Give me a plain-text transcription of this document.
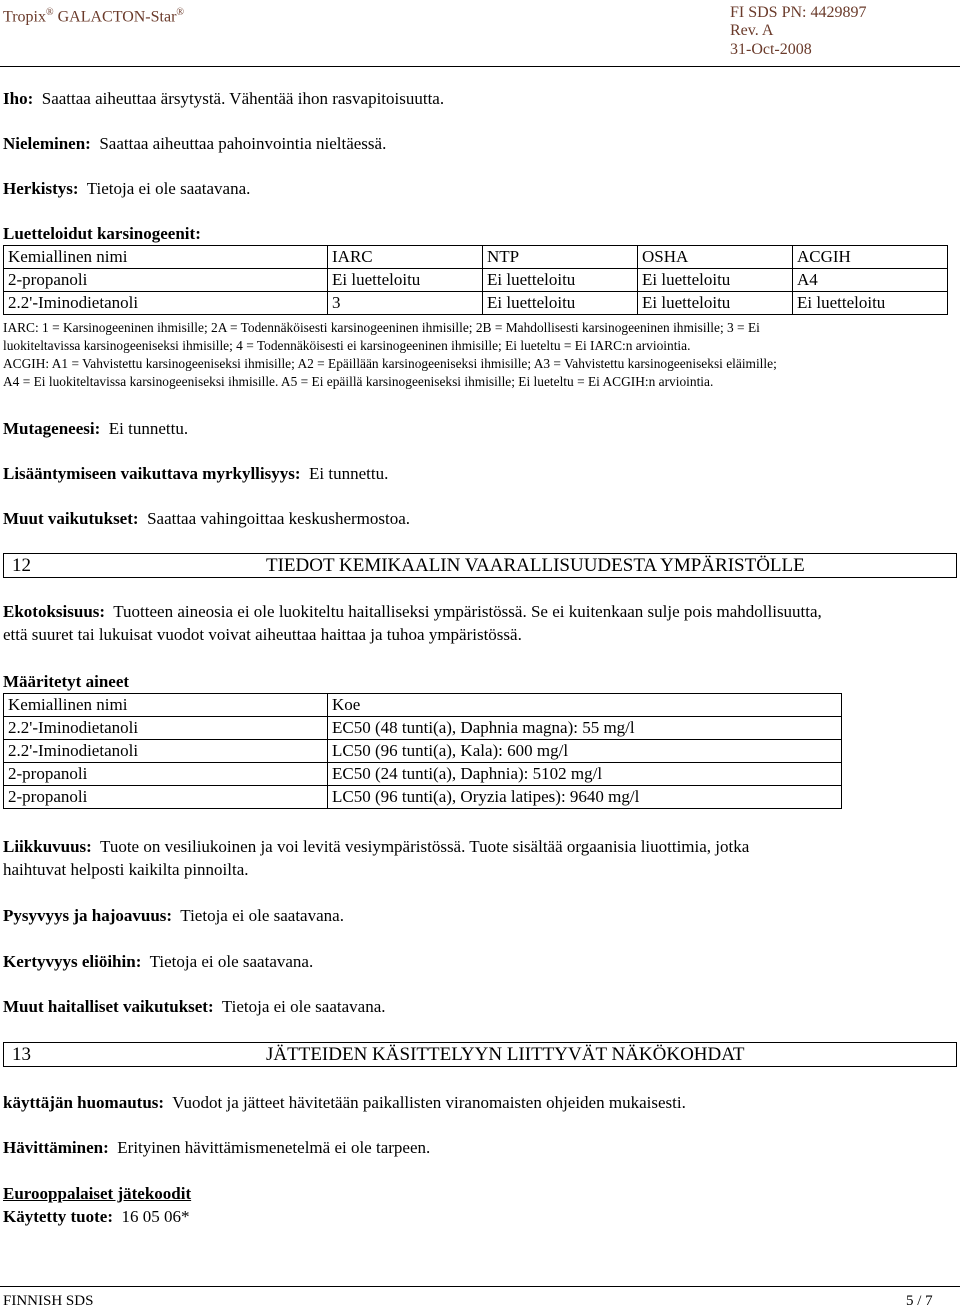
Tropix® GALACTON-Star®	FI SDS PN: 4429897
Rev. A
31-Oct-2008
Iho: Saattaa aiheuttaa ärsytystä. Vähentää ihon rasvapitoisuutta.
Nieleminen: Saattaa aiheuttaa pahoinvointia nieltäessä.
Herkistys: Tietoja ei ole saatavana.
Luetteloidut karsinogeenit:
Kemiallinen nimi	IARC	NTP	OSHA	ACGIH
2-propanoli	Ei luetteloitu	Ei luetteloitu	Ei luetteloitu	A4
2.2'-Iminodietanoli	3	Ei luetteloitu	Ei luetteloitu	Ei luetteloitu
IARC: 1 = Karsinogeeninen ihmisille; 2A = Todennäköisesti karsinogeeninen ihmisille; 2B = Mahdollisesti karsinogeeninen ihmisille; 3 = Ei
luokiteltavissa karsinogeeniseksi ihmisille; 4 = Todennäköisesti ei karsinogeeninen ihmisille; Ei lueteltu = Ei IARC:n arviointia.
ACGIH: A1 = Vahvistettu karsinogeeniseksi ihmisille; A2 = Epäillään karsinogeeniseksi ihmisille; A3 = Vahvistettu karsinogeeniseksi eläimille;
A4 = Ei luokiteltavissa karsinogeeniseksi ihmisille. A5 = Ei epäillä karsinogeeniseksi ihmisille; Ei lueteltu = Ei ACGIH:n arviointia.
Mutageneesi: Ei tunnettu.
Lisääntymiseen vaikuttava myrkyllisyys: Ei tunnettu.
Muut vaikutukset: Saattaa vahingoittaa keskushermostoa.
12	TIEDOT KEMIKAALIN VAARALLISUUDESTA YMPÄRISTÖLLE
Ekotoksisuus: Tuotteen aineosia ei ole luokiteltu haitalliseksi ympäristössä. Se ei kuitenkaan sulje pois mahdollisuutta,
että suuret tai lukuisat vuodot voivat aiheuttaa haittaa ja tuhoa ympäristössä.
Määritetyt aineet
Kemiallinen nimi	Koe
2.2'-Iminodietanoli	EC50 (48 tunti(a), Daphnia magna): 55 mg/l
2.2'-Iminodietanoli	LC50 (96 tunti(a), Kala): 600 mg/l
2-propanoli	EC50 (24 tunti(a), Daphnia): 5102 mg/l
2-propanoli	LC50 (96 tunti(a), Oryzia latipes): 9640 mg/l
Liikkuvuus: Tuote on vesiliukoinen ja voi levitä vesiympäristössä. Tuote sisältää orgaanisia liuottimia, jotka
haihtuvat helposti kaikilta pinnoilta.
Pysyvyys ja hajoavuus: Tietoja ei ole saatavana.
Kertyvyys eliöihin: Tietoja ei ole saatavana.
Muut haitalliset vaikutukset: Tietoja ei ole saatavana.
13	JÄTTEIDEN KÄSITTELYYN LIITTYVÄT NÄKÖKOHDAT
käyttäjän huomautus: Vuodot ja jätteet hävitetään paikallisten viranomaisten ohjeiden mukaisesti.
Hävittäminen: Erityinen hävittämismenetelmä ei ole tarpeen.
Eurooppalaiset jätekoodit
Käytetty tuote: 16 05 06*
FINNISH SDS	5 / 7
